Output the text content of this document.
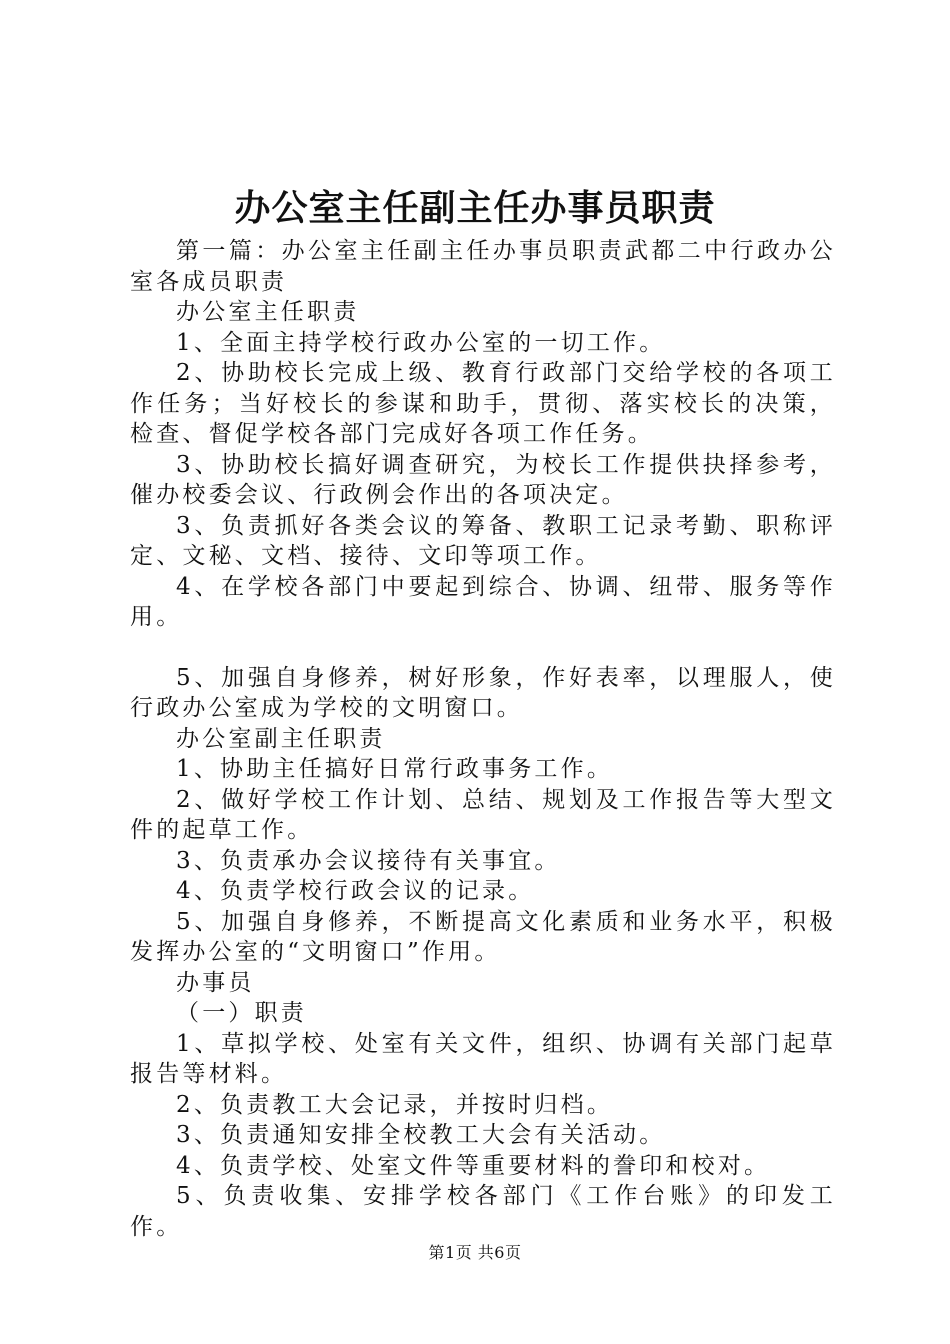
办公室主任副主任办事员职责

第一篇：办公室主任副主任办事员职责武都二中行政办公室各成员职责

办公室主任职责

1、全面主持学校行政办公室的一切工作。

2、协助校长完成上级、教育行政部门交给学校的各项工作任务；当好校长的参谋和助手，贯彻、落实校长的决策，检查、督促学校各部门完成好各项工作任务。

3、协助校长搞好调查研究，为校长工作提供抉择参考，催办校委会议、行政例会作出的各项决定。

3、负责抓好各类会议的筹备、教职工记录考勤、职称评定、文秘、文档、接待、文印等项工作。

4、在学校各部门中要起到综合、协调、纽带、服务等作用。

5、加强自身修养，树好形象，作好表率，以理服人，使行政办公室成为学校的文明窗口。

办公室副主任职责

1、协助主任搞好日常行政事务工作。

2、做好学校工作计划、总结、规划及工作报告等大型文件的起草工作。

3、负责承办会议接待有关事宜。

4、负责学校行政会议的记录。

5、加强自身修养，不断提高文化素质和业务水平，积极发挥办公室的“文明窗口”作用。

办事员

（一）职责

1、草拟学校、处室有关文件，组织、协调有关部门起草报告等材料。

2、负责教工大会记录，并按时归档。

3、负责通知安排全校教工大会有关活动。

4、负责学校、处室文件等重要材料的誊印和校对。

5、负责收集、安排学校各部门《工作台账》的印发工作。

第1页 共6页
